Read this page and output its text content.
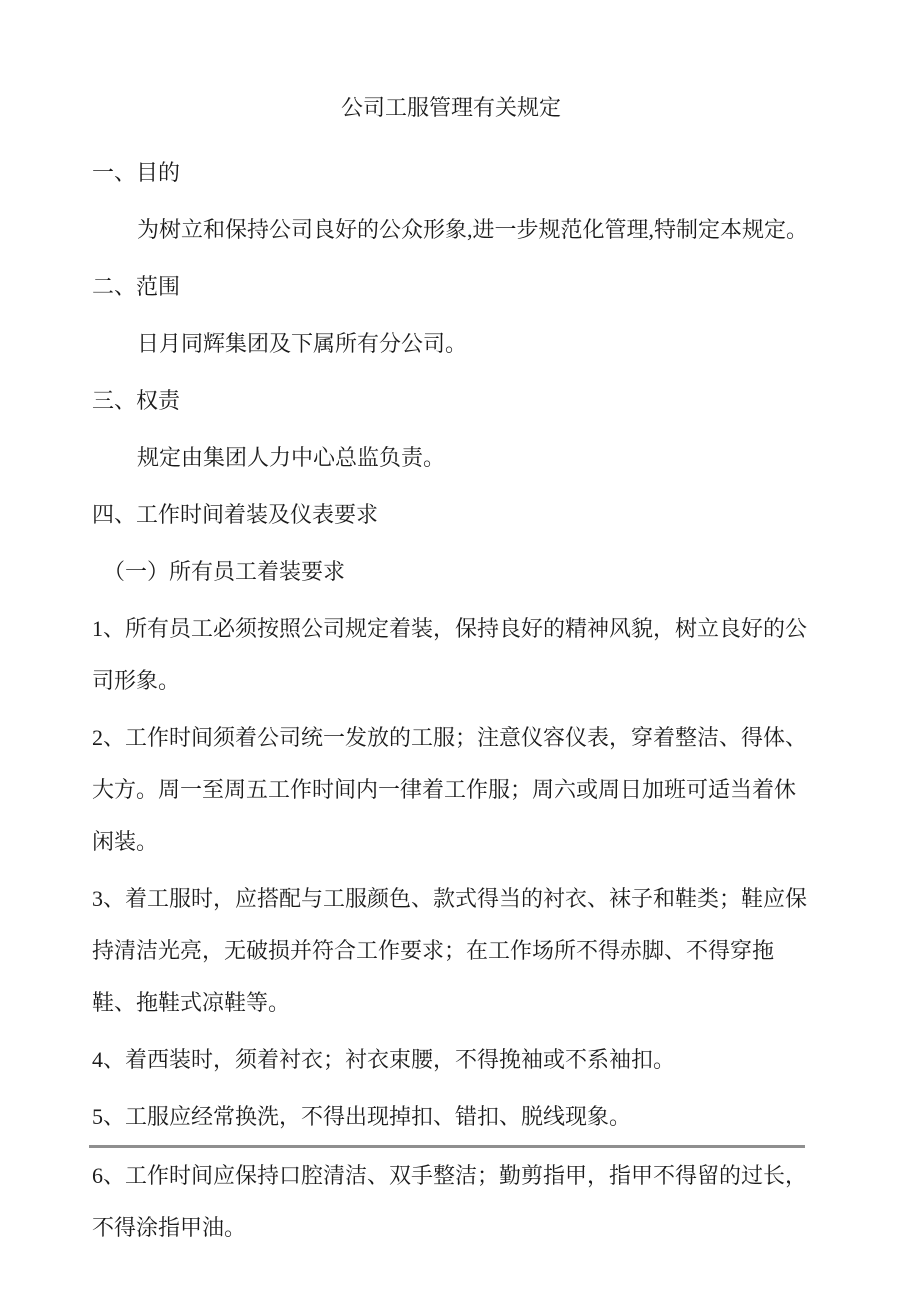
公司工服管理有关规定
一、目的
为树立和保持公司良好的公众形象,进一步规范化管理,特制定本规定。
二、范围
日月同辉集团及下属所有分公司。
三、权责
规定由集团人力中心总监负责。
四、工作时间着装及仪表要求
（一）所有员工着装要求
1、所有员工必须按照公司规定着装，保持良好的精神风貌，树立良好的公
司形象。
2、工作时间须着公司统一发放的工服；注意仪容仪表，穿着整洁、得体、
大方。周一至周五工作时间内一律着工作服；周六或周日加班可适当着休
闲装。
3、着工服时，应搭配与工服颜色、款式得当的衬衣、袜子和鞋类；鞋应保
持清洁光亮，无破损并符合工作要求；在工作场所不得赤脚、不得穿拖
鞋、拖鞋式凉鞋等。
4、着西装时，须着衬衣；衬衣束腰，不得挽袖或不系袖扣。
5、工服应经常换洗，不得出现掉扣、错扣、脱线现象。
6、工作时间应保持口腔清洁、双手整洁；勤剪指甲，指甲不得留的过长，
不得涂指甲油。
